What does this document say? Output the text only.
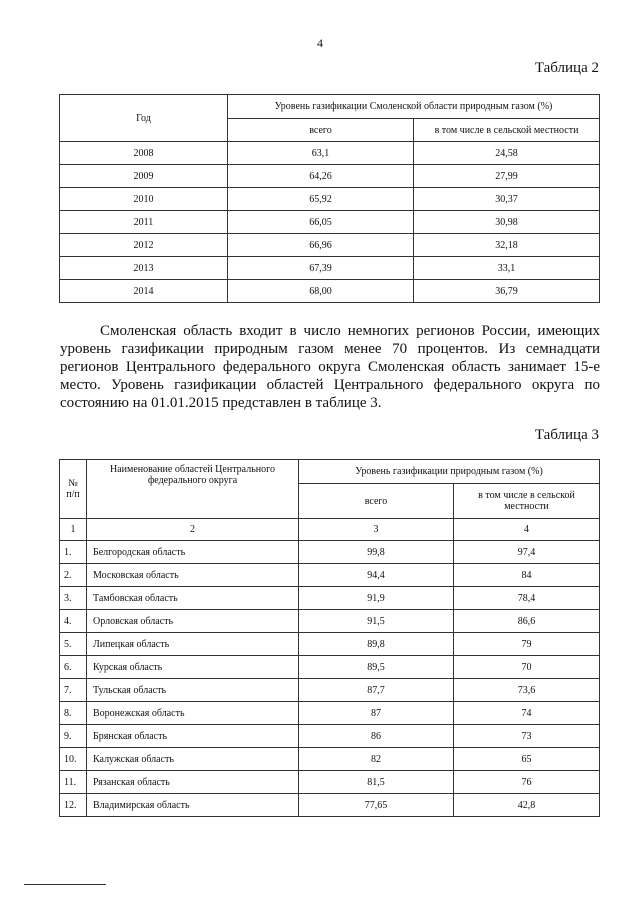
4
Таблица 2
Год	Уровень газификации Смоленской области природным газом (%)	
	всего	в том числе в сельской местности
2008	63,1	24,58
2009	64,26	27,99
2010	65,92	30,37
2011	66,05	30,98
2012	66,96	32,18
2013	67,39	33,1
2014	68,00	36,79

Смоленская область входит в число немногих регионов России, имеющих уровень газификации природным газом менее 70 процентов. Из семнадцати регионов Центрального федерального округа Смоленская область занимает 15-е место. Уровень газификации областей Центрального федерального округа по состоянию на 01.01.2015 представлен в таблице 3.

Таблица 3
№ п/п	Наименование областей Центрального федерального округа	Уровень газификации природным газом (%)	
		всего	в том числе в сельской местности
1	2	3	4
1.	Белгородская область	99,8	97,4
2.	Московская область	94,4	84
3.	Тамбовская область	91,9	78,4
4.	Орловская область	91,5	86,6
5.	Липецкая область	89,8	79
6.	Курская область	89,5	70
7.	Тульская область	87,7	73,6
8.	Воронежская область	87	74
9.	Брянская область	86	73
10.	Калужская область	82	65
11.	Рязанская область	81,5	76
12.	Владимирская область	77,65	42,8
